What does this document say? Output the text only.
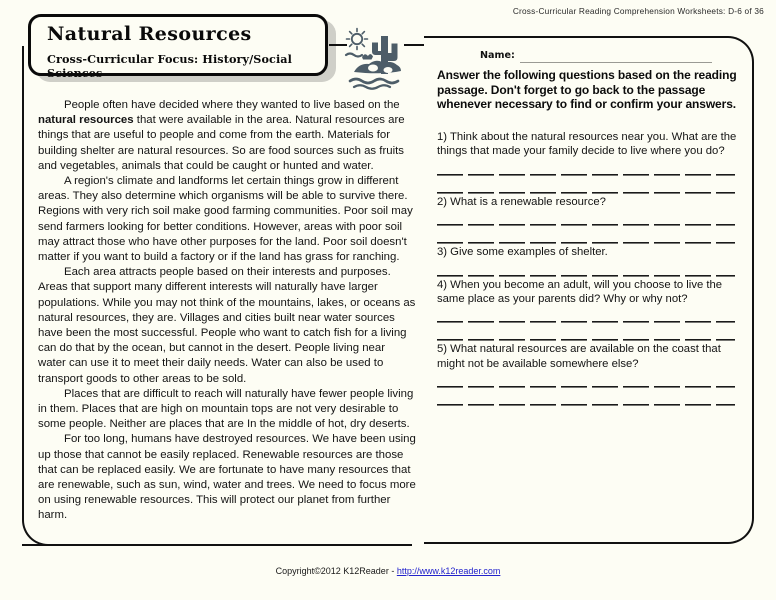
Cross-Curricular Reading Comprehension Worksheets: D-6 of 36
Natural Resources
Cross-Curricular Focus: History/Social Sciences

People often have decided where they wanted to live based on the natural resources that were available in the area. Natural resources are things that are useful to people and come from the earth. Materials for building shelter are natural resources. So are food sources such as fruits and vegetables, animals that could be caught or hunted and water.

A region's climate and landforms let certain things grow in different areas. They also determine which organisms will be able to survive there. Regions with very rich soil make good farming communities. Poor soil may send farmers looking for better conditions. However, areas with poor soil may attract those who have other purposes for the land. Poor soil doesn't matter if you want to build a factory or if the land has grass for ranching.

Each area attracts people based on their interests and purposes. Areas that support many different interests will naturally have larger populations. While you may not think of the mountains, lakes, or oceans as natural resources, they are. Villages and cities built near water sources have been the most successful. People who want to catch fish for a living can do that by the ocean, but cannot in the desert. People living near water can use it to meet their daily needs. Water can also be used to transport goods to other areas to be sold.

Places that are difficult to reach will naturally have fewer people living in them. Places that are high on mountain tops are not very desirable to some people. Neither are places that are In the middle of hot, dry deserts.

For too long, humans have destroyed resources. We have been using up those that cannot be easily replaced. Renewable resources are those that can be replaced easily. We are fortunate to have many resources that are renewable, such as sun, wind, water and trees. We need to focus more on using renewable resources. This will protect our planet from further harm.

Name:
Answer the following questions based on the reading passage. Don't forget to go back to the passage whenever necessary to find or confirm your answers.

1) Think about the natural resources near you. What are the things that made your family decide to live where you do?

2) What is a renewable resource?

3) Give some examples of shelter.

4) When you become an adult, will you choose to live the same place as your parents did? Why or why not?

5) What natural resources are available on the coast that might not be available somewhere else?

Copyright©2012 K12Reader - http://www.k12reader.com
